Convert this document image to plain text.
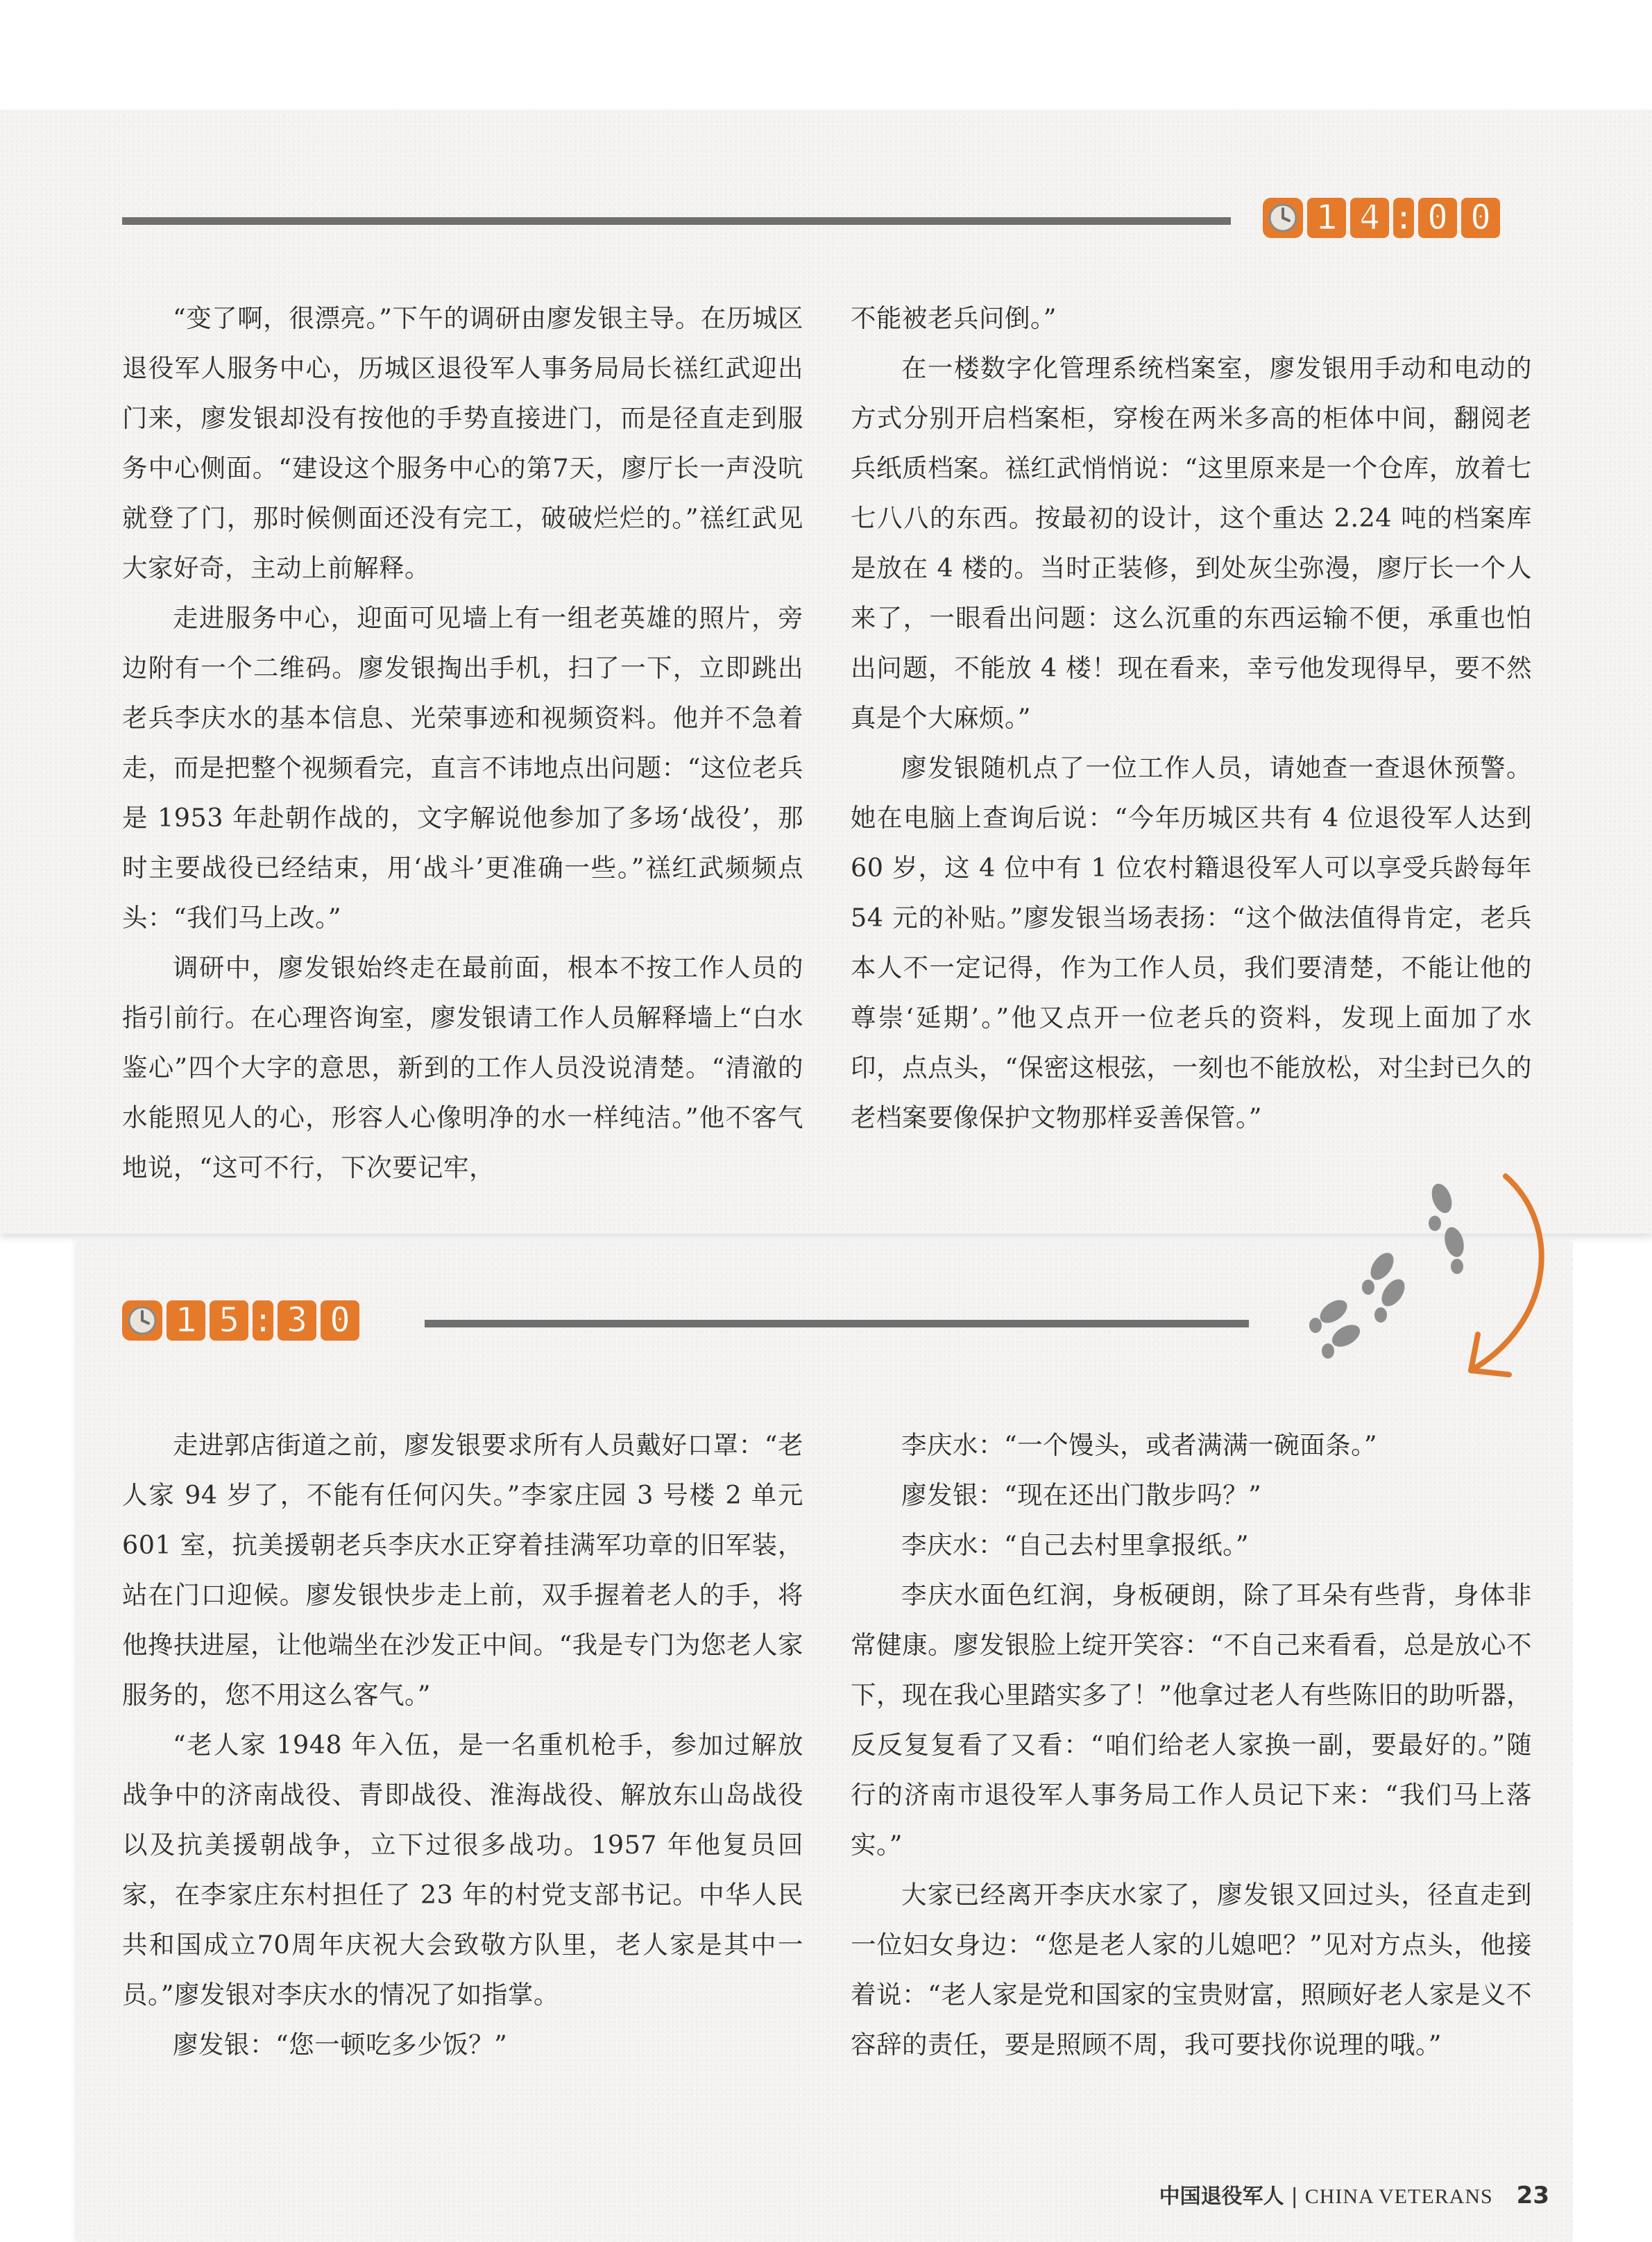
1 4 : 0 0

“变了啊，很漂亮。”下午的调研由廖发银主导。在历城区退役军人服务中心，历城区退役军人事务局局长禚红武迎出门来，廖发银却没有按他的手势直接进门，而是径直走到服务中心侧面。“建设这个服务中心的第7天，廖厅长一声没吭就登了门，那时候侧面还没有完工，破破烂烂的。”禚红武见大家好奇，主动上前解释。

走进服务中心，迎面可见墙上有一组老英雄的照片，旁边附有一个二维码。廖发银掏出手机，扫了一下，立即跳出老兵李庆水的基本信息、光荣事迹和视频资料。他并不急着走，而是把整个视频看完，直言不讳地点出问题：“这位老兵是 1953 年赴朝作战的，文字解说他参加了多场‘战役’，那时主要战役已经结束，用‘战斗’更准确一些。”禚红武频频点头：“我们马上改。”

调研中，廖发银始终走在最前面，根本不按工作人员的指引前行。在心理咨询室，廖发银请工作人员解释墙上“白水鉴心”四个大字的意思，新到的工作人员没说清楚。“清澈的水能照见人的心，形容人心像明净的水一样纯洁。”他不客气地说，“这可不行，下次要记牢，

不能被老兵问倒。”

在一楼数字化管理系统档案室，廖发银用手动和电动的方式分别开启档案柜，穿梭在两米多高的柜体中间，翻阅老兵纸质档案。禚红武悄悄说：“这里原来是一个仓库，放着七七八八的东西。按最初的设计，这个重达 2.24 吨的档案库是放在 4 楼的。当时正装修，到处灰尘弥漫，廖厅长一个人来了，一眼看出问题：这么沉重的东西运输不便，承重也怕出问题，不能放 4 楼！现在看来，幸亏他发现得早，要不然真是个大麻烦。”

廖发银随机点了一位工作人员，请她查一查退休预警。她在电脑上查询后说：“今年历城区共有 4 位退役军人达到 60 岁，这 4 位中有 1 位农村籍退役军人可以享受兵龄每年 54 元的补贴。”廖发银当场表扬：“这个做法值得肯定，老兵本人不一定记得，作为工作人员，我们要清楚，不能让他的尊崇‘延期’。”他又点开一位老兵的资料，发现上面加了水印，点点头，“保密这根弦，一刻也不能放松，对尘封已久的老档案要像保护文物那样妥善保管。”

1 5 : 3 0

走进郭店街道之前，廖发银要求所有人员戴好口罩：“老人家 94 岁了，不能有任何闪失。”李家庄园 3 号楼 2 单元 601 室，抗美援朝老兵李庆水正穿着挂满军功章的旧军装，站在门口迎候。廖发银快步走上前，双手握着老人的手，将他搀扶进屋，让他端坐在沙发正中间。“我是专门为您老人家服务的，您不用这么客气。”

“老人家 1948 年入伍，是一名重机枪手，参加过解放战争中的济南战役、青即战役、淮海战役、解放东山岛战役以及抗美援朝战争，立下过很多战功。1957 年他复员回家，在李家庄东村担任了 23 年的村党支部书记。中华人民共和国成立70周年庆祝大会致敬方队里，老人家是其中一员。”廖发银对李庆水的情况了如指掌。

廖发银：“您一顿吃多少饭？”

李庆水：“一个馒头，或者满满一碗面条。”

廖发银：“现在还出门散步吗？”

李庆水：“自己去村里拿报纸。”

李庆水面色红润，身板硬朗，除了耳朵有些背，身体非常健康。廖发银脸上绽开笑容：“不自己来看看，总是放心不下，现在我心里踏实多了！”他拿过老人有些陈旧的助听器，反反复复看了又看：“咱们给老人家换一副，要最好的。”随行的济南市退役军人事务局工作人员记下来：“我们马上落实。”

大家已经离开李庆水家了，廖发银又回过头，径直走到一位妇女身边：“您是老人家的儿媳吧？”见对方点头，他接着说：“老人家是党和国家的宝贵财富，照顾好老人家是义不容辞的责任，要是照顾不周，我可要找你说理的哦。”

中国退役军人 | CHINA VETERANS 23
